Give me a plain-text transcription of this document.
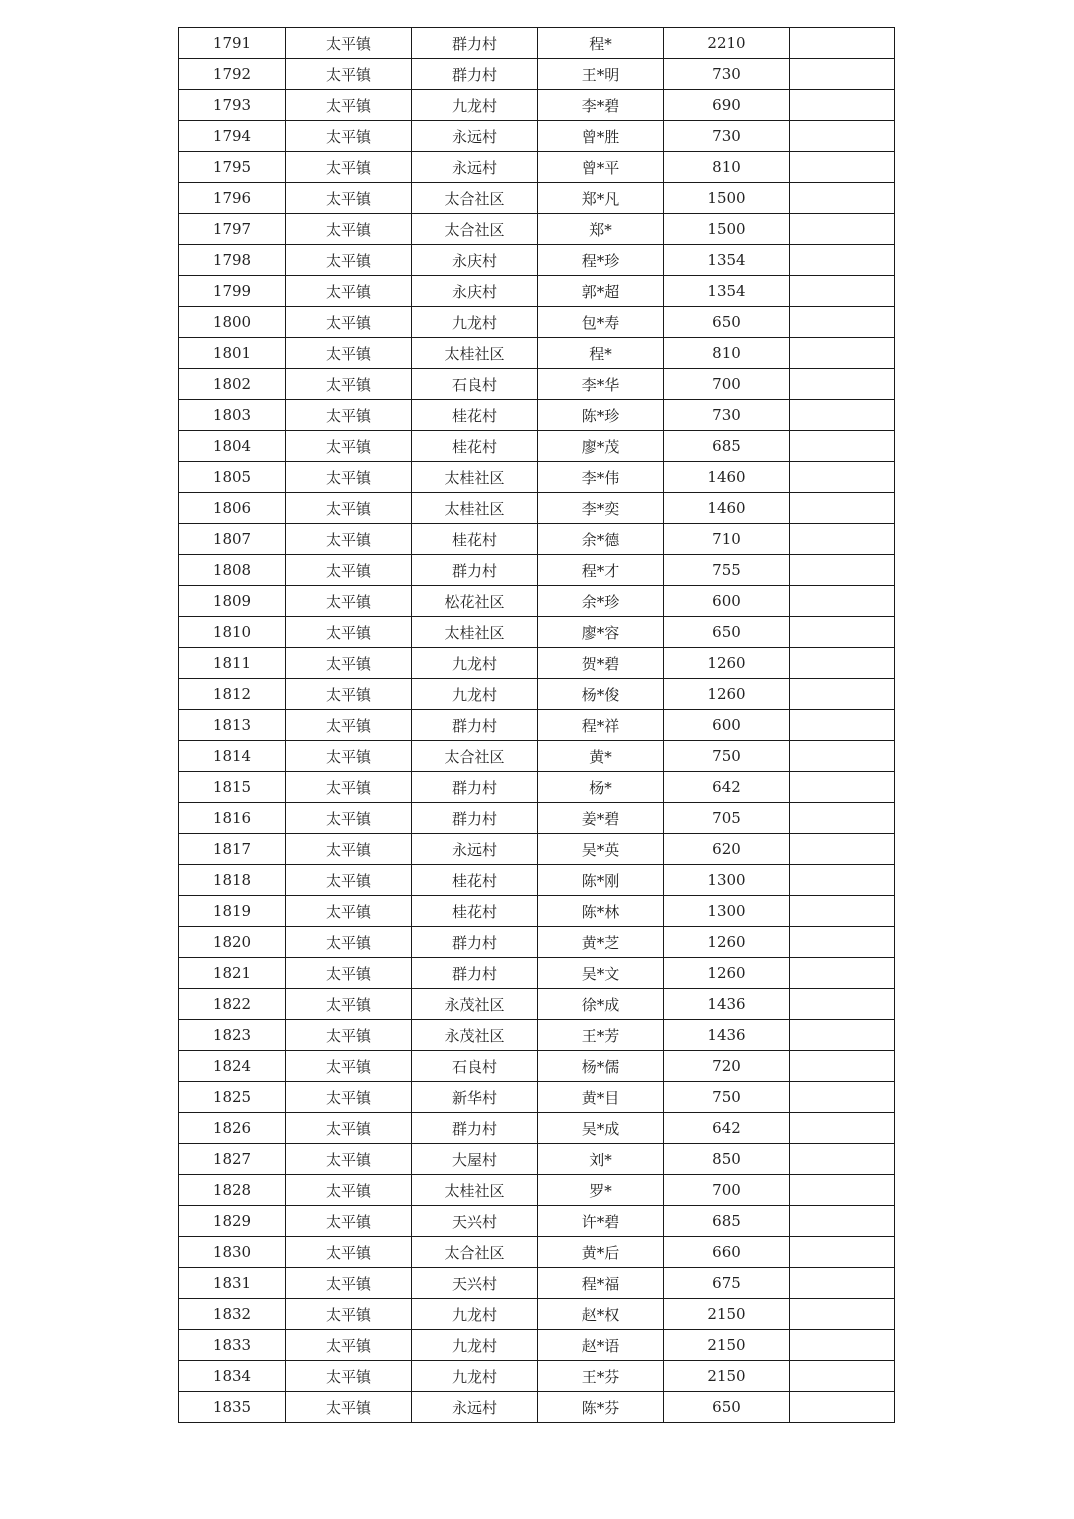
1791	太平镇	群力村	程*	2210	
1792	太平镇	群力村	王*明	730	
1793	太平镇	九龙村	李*碧	690	
1794	太平镇	永远村	曾*胜	730	
1795	太平镇	永远村	曾*平	810	
1796	太平镇	太合社区	郑*凡	1500	
1797	太平镇	太合社区	郑*	1500	
1798	太平镇	永庆村	程*珍	1354	
1799	太平镇	永庆村	郭*超	1354	
1800	太平镇	九龙村	包*寿	650	
1801	太平镇	太桂社区	程*	810	
1802	太平镇	石良村	李*华	700	
1803	太平镇	桂花村	陈*珍	730	
1804	太平镇	桂花村	廖*茂	685	
1805	太平镇	太桂社区	李*伟	1460	
1806	太平镇	太桂社区	李*奕	1460	
1807	太平镇	桂花村	余*德	710	
1808	太平镇	群力村	程*才	755	
1809	太平镇	松花社区	余*珍	600	
1810	太平镇	太桂社区	廖*容	650	
1811	太平镇	九龙村	贺*碧	1260	
1812	太平镇	九龙村	杨*俊	1260	
1813	太平镇	群力村	程*祥	600	
1814	太平镇	太合社区	黄*	750	
1815	太平镇	群力村	杨*	642	
1816	太平镇	群力村	姜*碧	705	
1817	太平镇	永远村	吴*英	620	
1818	太平镇	桂花村	陈*刚	1300	
1819	太平镇	桂花村	陈*林	1300	
1820	太平镇	群力村	黄*芝	1260	
1821	太平镇	群力村	吴*文	1260	
1822	太平镇	永茂社区	徐*成	1436	
1823	太平镇	永茂社区	王*芳	1436	
1824	太平镇	石良村	杨*儒	720	
1825	太平镇	新华村	黄*目	750	
1826	太平镇	群力村	吴*成	642	
1827	太平镇	大屋村	刘*	850	
1828	太平镇	太桂社区	罗*	700	
1829	太平镇	天兴村	许*碧	685	
1830	太平镇	太合社区	黄*后	660	
1831	太平镇	天兴村	程*福	675	
1832	太平镇	九龙村	赵*权	2150	
1833	太平镇	九龙村	赵*语	2150	
1834	太平镇	九龙村	王*芬	2150	
1835	太平镇	永远村	陈*芬	650	
